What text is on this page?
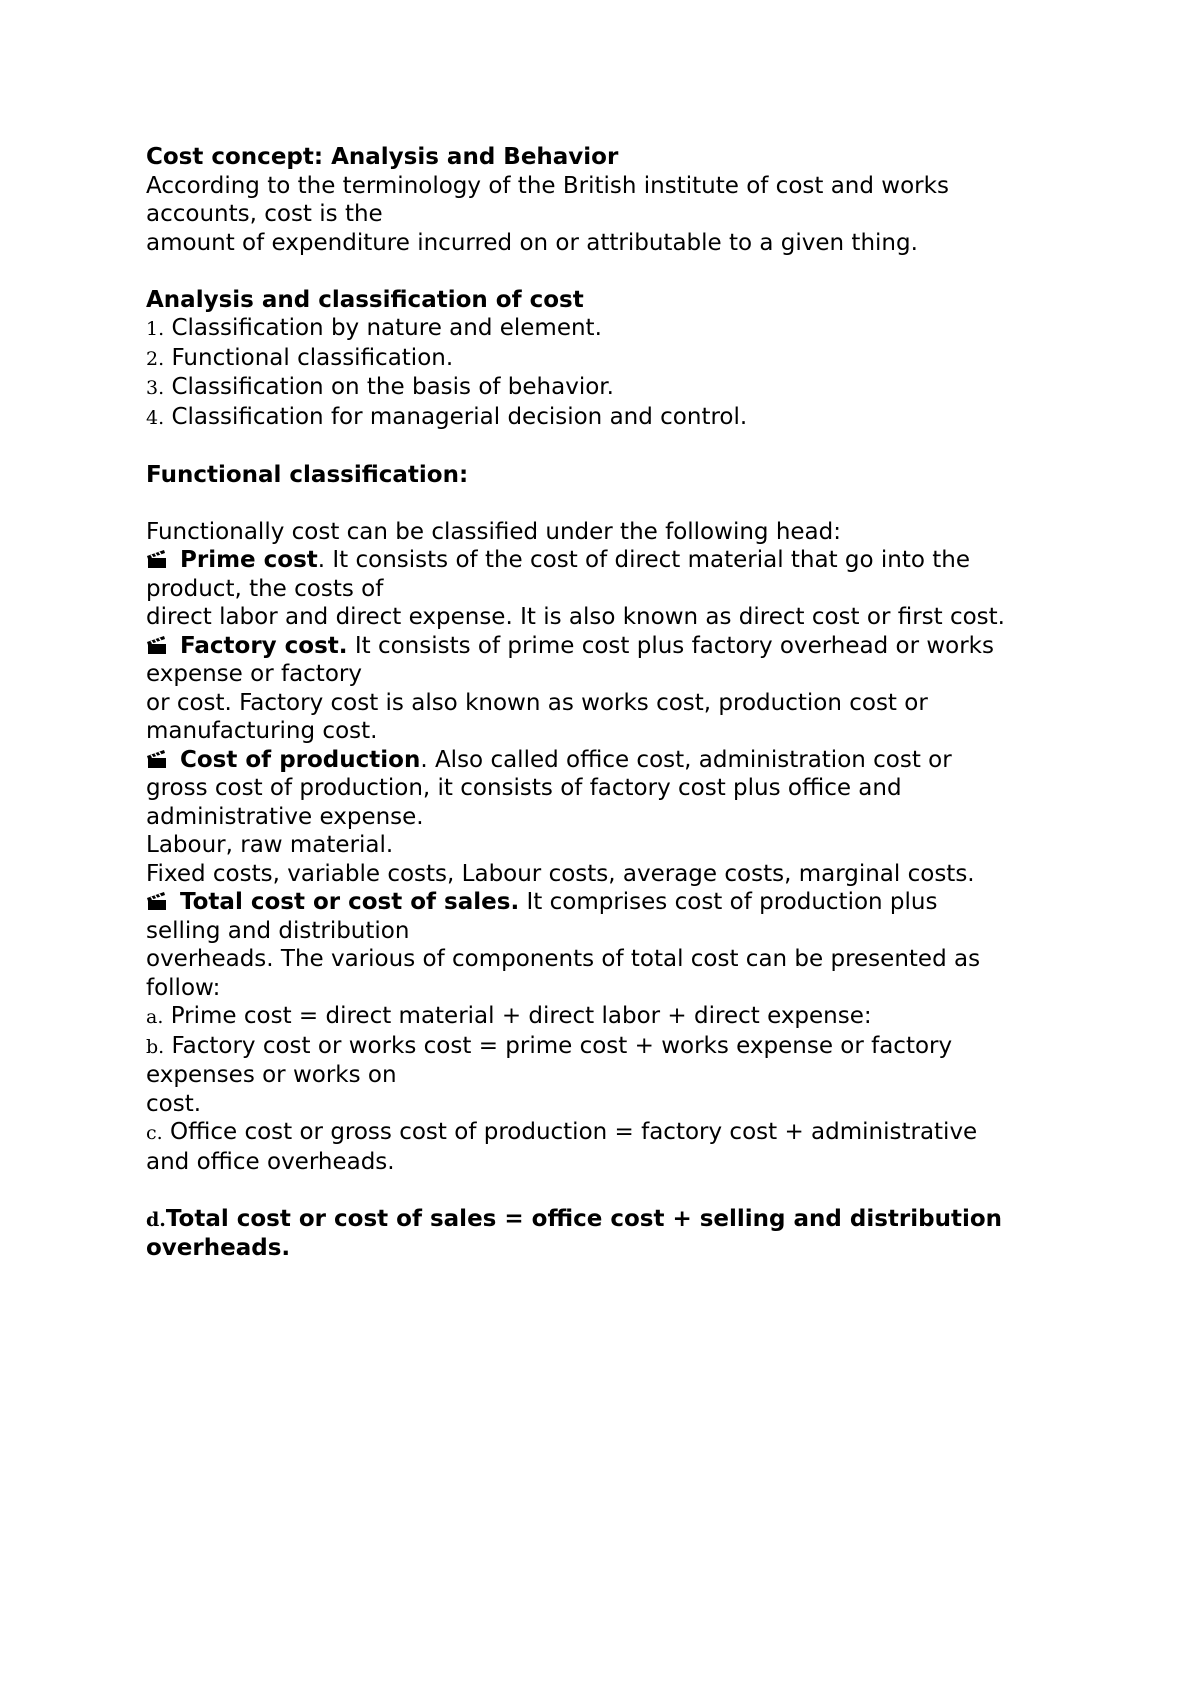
Cost concept: Analysis and Behavior
According to the terminology of the British institute of cost and works
accounts, cost is the
amount of expenditure incurred on or attributable to a given thing.
Analysis and classification of cost
1. Classification by nature and element.
2. Functional classification.
3. Classification on the basis of behavior.
4. Classification for managerial decision and control.
Functional classification:
Functionally cost can be classified under the following head:
Prime cost. It consists of the cost of direct material that go into the
product, the costs of
direct labor and direct expense. It is also known as direct cost or first cost.
Factory cost. It consists of prime cost plus factory overhead or works
expense or factory
or cost. Factory cost is also known as works cost, production cost or
manufacturing cost.
Cost of production. Also called office cost, administration cost or
gross cost of production, it consists of factory cost plus office and
administrative expense.
Labour, raw material.
Fixed costs, variable costs, Labour costs, average costs, marginal costs.
Total cost or cost of sales. It comprises cost of production plus
selling and distribution
overheads. The various of components of total cost can be presented as
follow:
a. Prime cost = direct material + direct labor + direct expense:
b. Factory cost or works cost = prime cost + works expense or factory
expenses or works on
cost.
c. Office cost or gross cost of production = factory cost + administrative
and office overheads.
d.Total cost or cost of sales = office cost + selling and distribution
overheads.
